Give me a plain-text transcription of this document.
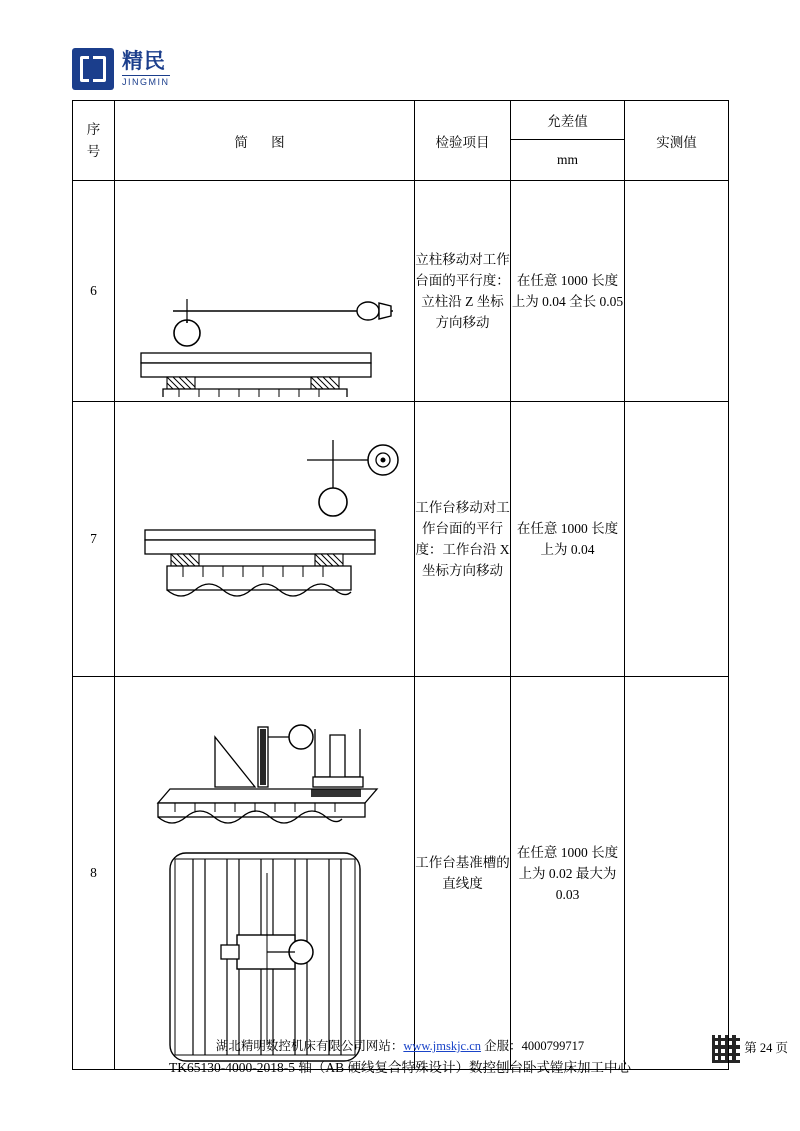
精民
JINGMIN
序
号	简 图	检验项目	允差值	实测值
			mm	
6		立柱移动对工作台面的平行度：立柱沿 Z 坐标方向移动	在任意 1000 长度上为 0.04 全长 0.05	
7		工作台移动对工作台面的平行度：工作台沿 X 坐标方向移动	在任意 1000 长度上为 0.04	
8		工作台基准槽的直线度	在任意 1000 长度上为 0.02 最大为 0.03	
湖北精明数控机床有限公司网站：www.jmskjc.cn 企服：4000799717
TK65130-4000-2018-5 轴（AB 硬线复合特殊设计）数控刨台卧式镗床加工中心
第 24 页
